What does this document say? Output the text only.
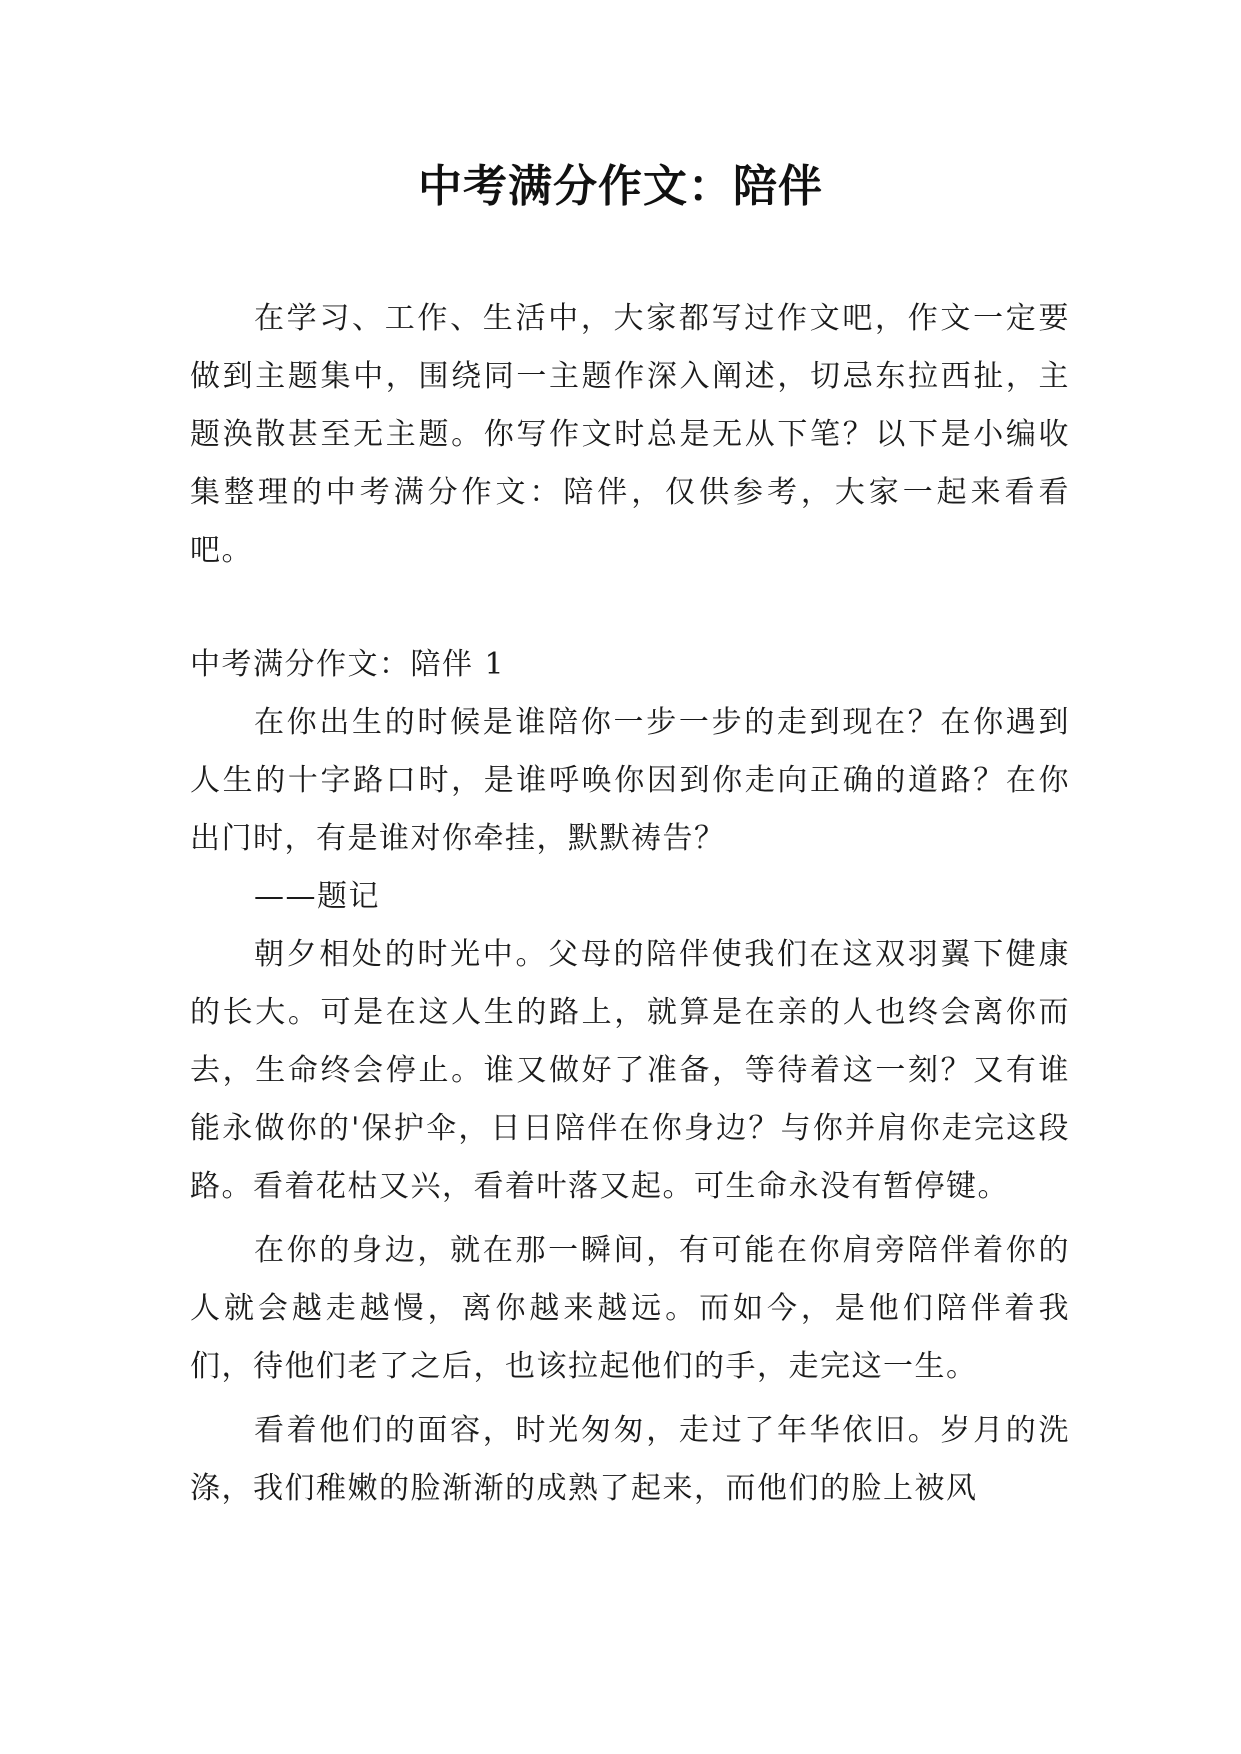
中考满分作文：陪伴

在学习、工作、生活中，大家都写过作文吧，作文一定要做到主题集中，围绕同一主题作深入阐述，切忌东拉西扯，主题涣散甚至无主题。你写作文时总是无从下笔？以下是小编收集整理的中考满分作文：陪伴，仅供参考，大家一起来看看吧。

中考满分作文：陪伴 1

在你出生的时候是谁陪你一步一步的走到现在？在你遇到人生的十字路口时，是谁呼唤你因到你走向正确的道路？在你出门时，有是谁对你牵挂，默默祷告？

——题记

朝夕相处的时光中。父母的陪伴使我们在这双羽翼下健康的长大。可是在这人生的路上，就算是在亲的人也终会离你而去，生命终会停止。谁又做好了准备，等待着这一刻？又有谁能永做你的'保护伞，日日陪伴在你身边？与你并肩你走完这段路。看着花枯又兴，看着叶落又起。可生命永没有暂停键。

在你的身边，就在那一瞬间，有可能在你肩旁陪伴着你的人就会越走越慢，离你越来越远。而如今，是他们陪伴着我们，待他们老了之后，也该拉起他们的手，走完这一生。

看着他们的面容，时光匆匆，走过了年华依旧。岁月的洗涤，我们稚嫩的脸渐渐的成熟了起来，而他们的脸上被风
